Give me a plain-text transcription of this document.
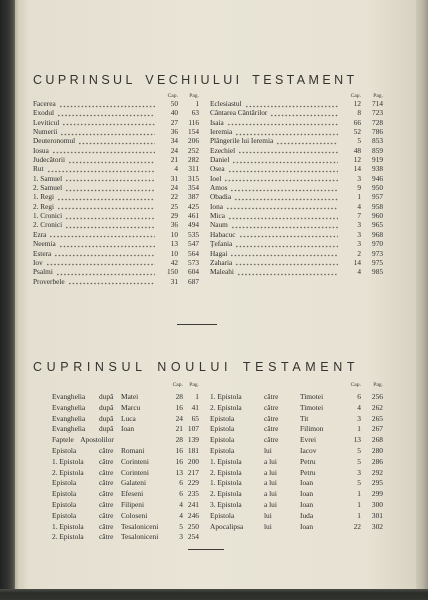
CUPRINSUL VECHIULUI TESTAMENT
Cap.	Pag.	Cap.	Pag.
Facerea	50	1
Exodul	40	63
Leviticul	27	116
Numerii	36	154
Deuteronomul	34	206
Iosua	24	252
Judecătorii	21	282
Rut	4	311
1. Samuel	31	315
2. Samuel	24	354
1. Regi	22	387
2. Regi	25	425
1. Cronici	29	461
2. Cronici	36	494
Ezra	10	535
Neemia	13	547
Estera	10	564
Iov	42	573
Psalmi	150	604
Proverbele	31	687
Eclesiastul	12	714
Cântarea Cântărilor	8	723
Isaia	66	728
Ieremia	52	786
Plângerile lui Ieremia	5	853
Ezechiel	48	859
Daniel	12	919
Osea	14	938
Ioel	3	946
Amos	9	950
Obadia	1	957
Iona	4	958
Mica	7	960
Naum	3	965
Habacuc	3	968
Ţefania	3	970
Hagai	2	973
Zaharia	14	975
Maleahi	4	985
CUPRINSUL NOULUI TESTAMENT
Cap.	Pag.	Cap.	Pag.
Evanghelia	după	Matei	28	1
Evanghelia	după	Marcu	16	41
Evanghelia	după	Luca	24	65
Evanghelia	după	Ioan	21 107
Faptele Apostolilor	28 139
Epistola	către	Romani	16 181
1. Epistola	către	Corinteni	16 200
2. Epistola	către	Corinteni	13 217
Epistola	către	Galateni	6 229
Epistola	către	Efeseni	6 235
Epistola	către	Filipeni	4 241
Epistola	către	Coloseni	4 246
1. Epistola	către	Tesaloniceni	5 250
2. Epistola	către	Tesaloniceni	3 254
1. Epistola	către	Timotei	6	256
2. Epistola	către	Timotei	4	262
Epistola	către	Tit	3	265
Epistola	către	Filimon	1	267
Epistola	către	Evrei	13	268
Epistola	lui	Iacov	5	280
1. Epistola	a lui	Petru	5	286
2. Epistola	a lui	Petru	3	292
1. Epistola	a lui	Ioan	5	295
2. Epistola	a lui	Ioan	1	299
3. Epistola	a lui	Ioan	1	300
Epistola	lui	Iuda	1	301
Apocalipsa	lui	Ioan	22	302
